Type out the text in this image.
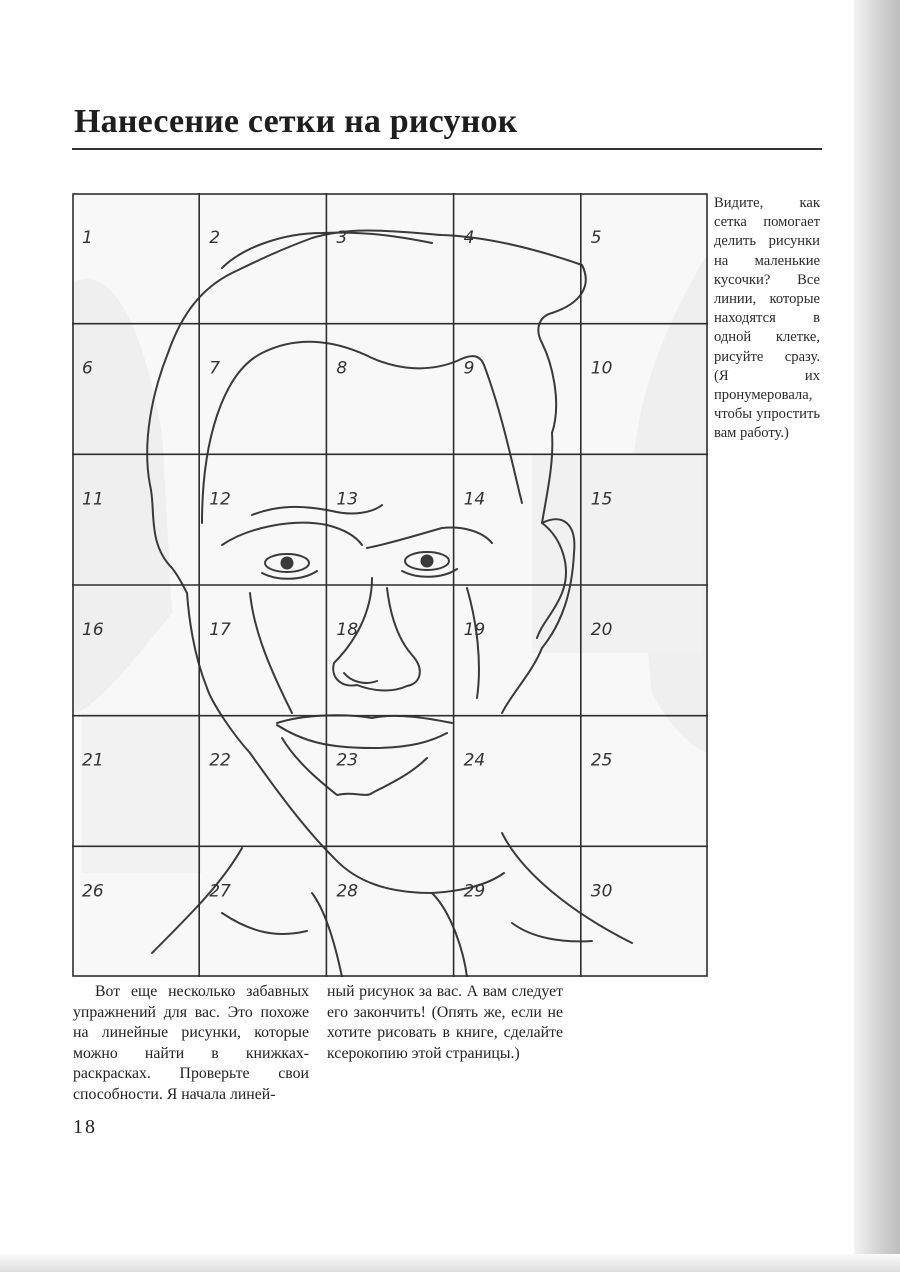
Нанесение сетки на рисунок
Видите, как сетка помогает делить рисунки на маленькие кусочки? Все линии, которые находятся в одной клетке, рисуйте сразу. (Я их пронумеровала, чтобы упростить вам работу.)
1	2	3	4	5
6	7	8	9	10
11	12	13	14	15
16	17	18	19	20
21	22	23	24	25
26	27	28	29	30
Вот еще несколько забавных упражнений для вас. Это похоже на линейные рисунки, которые можно найти в книжках-раскрасках. Проверьте свои способности. Я начала линей-
ный рисунок за вас. А вам следует его закончить! (Опять же, если не хотите рисовать в книге, сделайте ксерокопию этой страницы.)
18
